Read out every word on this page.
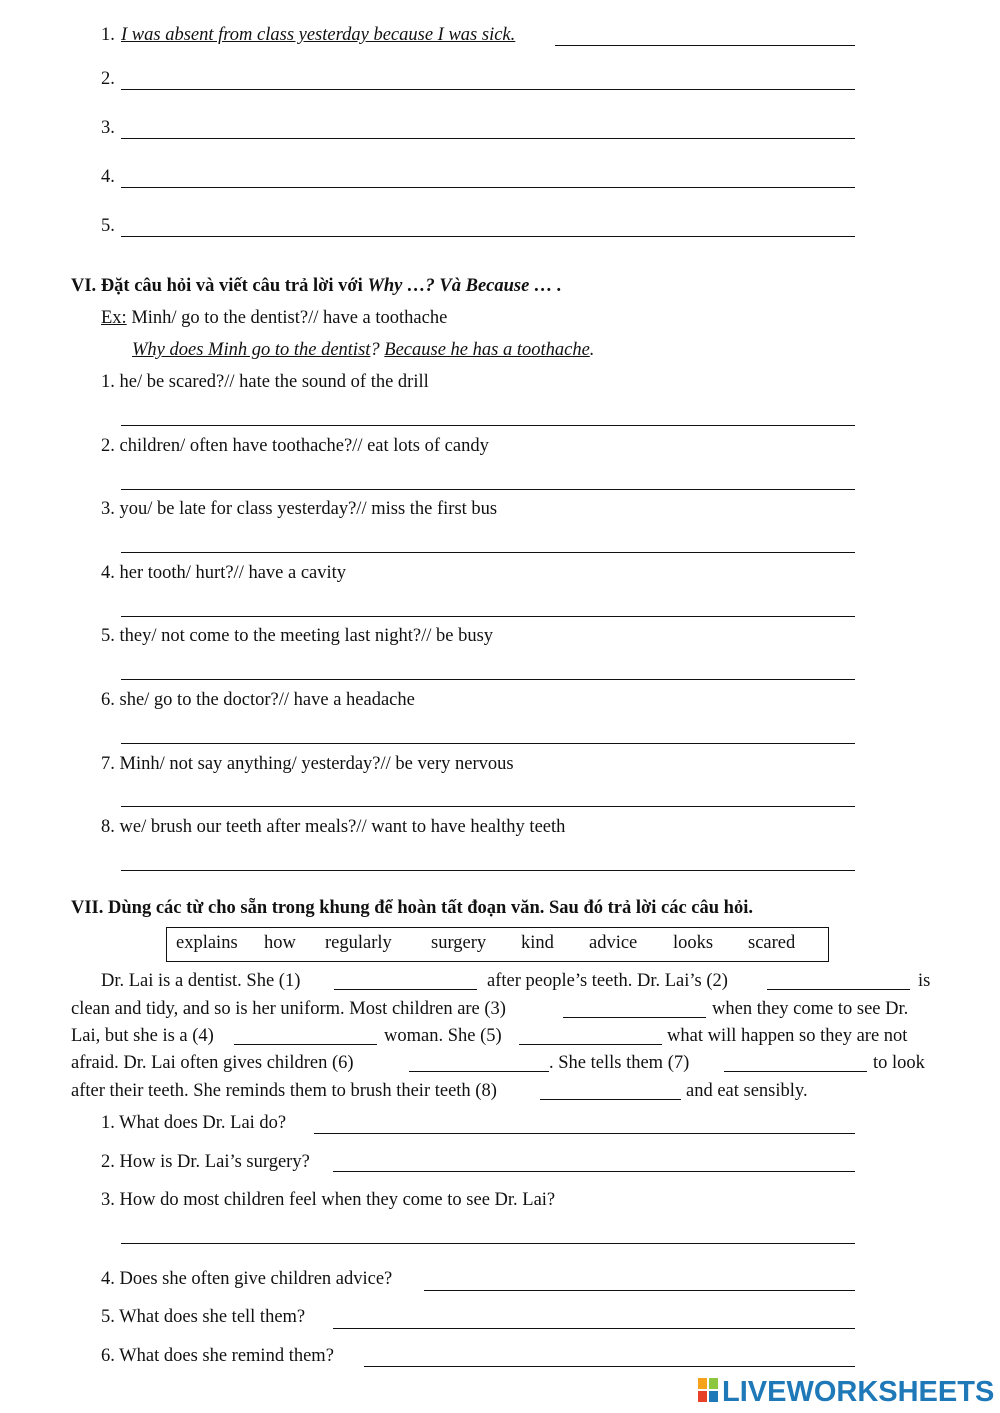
1. I was absent from class yesterday because I was sick.
2.
3.
4.
5.
VI. Đặt câu hỏi và viết câu trả lời với Why …? Và Because … .
Ex: Minh/ go to the dentist?// have a toothache
Why does Minh go to the dentist? Because he has a toothache.
1. he/ be scared?// hate the sound of the drill
2. children/ often have toothache?// eat lots of candy
3. you/ be late for class yesterday?// miss the first bus
4. her tooth/ hurt?// have a cavity
5. they/ not come to the meeting last night?// be busy
6. she/ go to the doctor?// have a headache
7. Minh/ not say anything/ yesterday?// be very nervous
8. we/ brush our teeth after meals?// want to have healthy teeth
VII. Dùng các từ cho sẵn trong khung để hoàn tất đoạn văn. Sau đó trả lời các câu hỏi.
explains how regularly surgery kind advice looks scared
Dr. Lai is a dentist. She (1)	after people’s teeth. Dr. Lai’s (2)	is
clean and tidy, and so is her uniform. Most children are (3)	when they come to see Dr.
Lai, but she is a (4)	woman. She (5)	what will happen so they are not
afraid. Dr. Lai often gives children (6)	. She tells them (7)	to look
after their teeth. She reminds them to brush their teeth (8)	and eat sensibly.
1. What does Dr. Lai do?
2. How is Dr. Lai’s surgery?
3. How do most children feel when they come to see Dr. Lai?
4. Does she often give children advice?
5. What does she tell them?
6. What does she remind them?
LIVEWORKSHEETS
